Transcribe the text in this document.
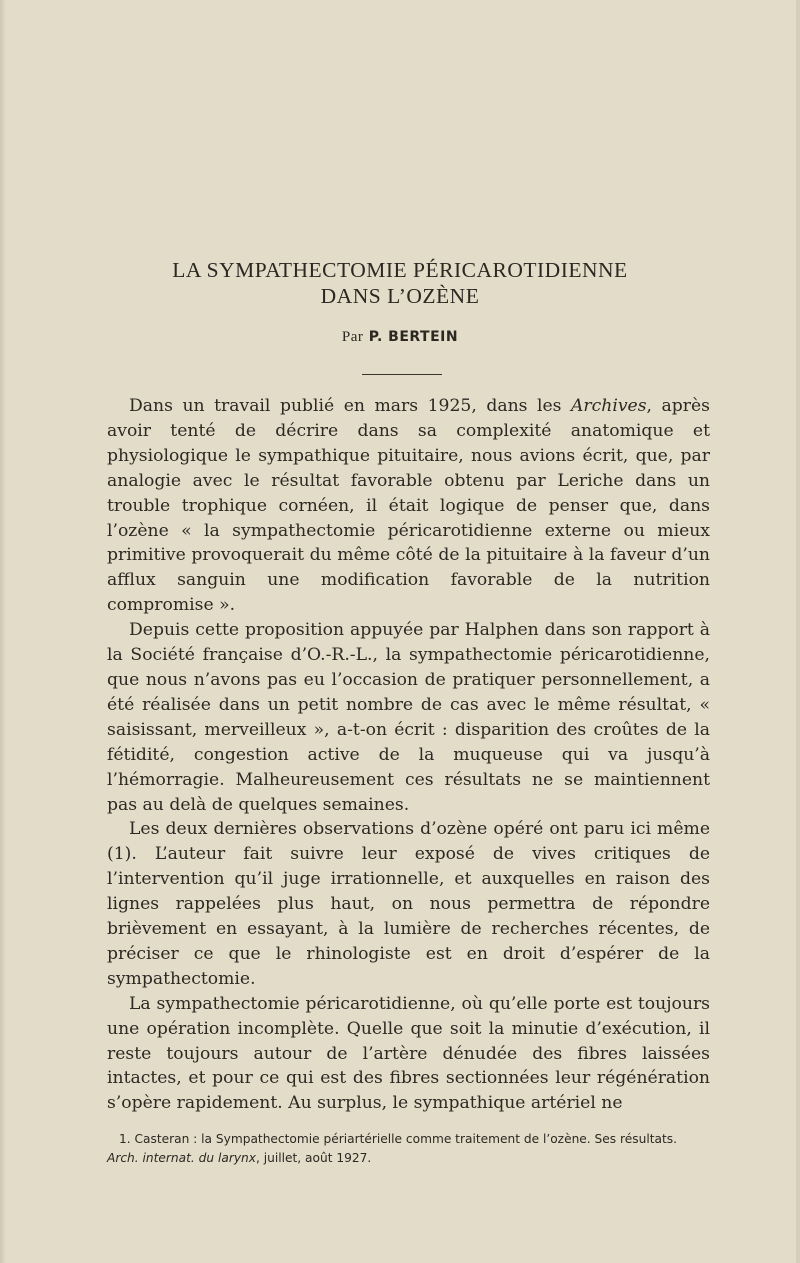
LA SYMPATHECTOMIE PÉRICAROTIDIENNE
DANS L’OZÈNE
Par P. BERTEIN

Dans un travail publié en mars 1925, dans les Archives, après avoir tenté de décrire dans sa complexité anatomique et physiologique le sympathique pituitaire, nous avions écrit, que, par analogie avec le résultat favorable obtenu par Leriche dans un trouble trophique cornéen, il était logique de penser que, dans l’ozène « la sympathectomie péricarotidienne externe ou mieux primitive provoquerait du même côté de la pituitaire à la faveur d’un afflux sanguin une modification favorable de la nutrition compromise ».

Depuis cette proposition appuyée par Halphen dans son rapport à la Société française d’O.-R.-L., la sympathectomie péricarotidienne, que nous n’avons pas eu l’occasion de pratiquer personnellement, a été réalisée dans un petit nombre de cas avec le même résultat, « saisissant, merveilleux », a-t-on écrit : disparition des croûtes de la fétidité, congestion active de la muqueuse qui va jusqu’à l’hémorragie. Malheureusement ces résultats ne se maintiennent pas au delà de quelques semaines.

Les deux dernières observations d’ozène opéré ont paru ici même (1). L’auteur fait suivre leur exposé de vives critiques de l’intervention qu’il juge irrationnelle, et auxquelles en raison des lignes rappelées plus haut, on nous permettra de répondre brièvement en essayant, à la lumière de recherches récentes, de préciser ce que le rhinologiste est en droit d’espérer de la sympathectomie.

La sympathectomie péricarotidienne, où qu’elle porte est toujours une opération incomplète. Quelle que soit la minutie d’exécution, il reste toujours autour de l’artère dénudée des fibres laissées intactes, et pour ce qui est des fibres sectionnées leur régénération s’opère rapidement. Au surplus, le sympathique artériel ne

1. Casteran : la Sympathectomie périartérielle comme traitement de l’ozène. Ses résultats. Arch. internat. du larynx, juillet, août 1927.
